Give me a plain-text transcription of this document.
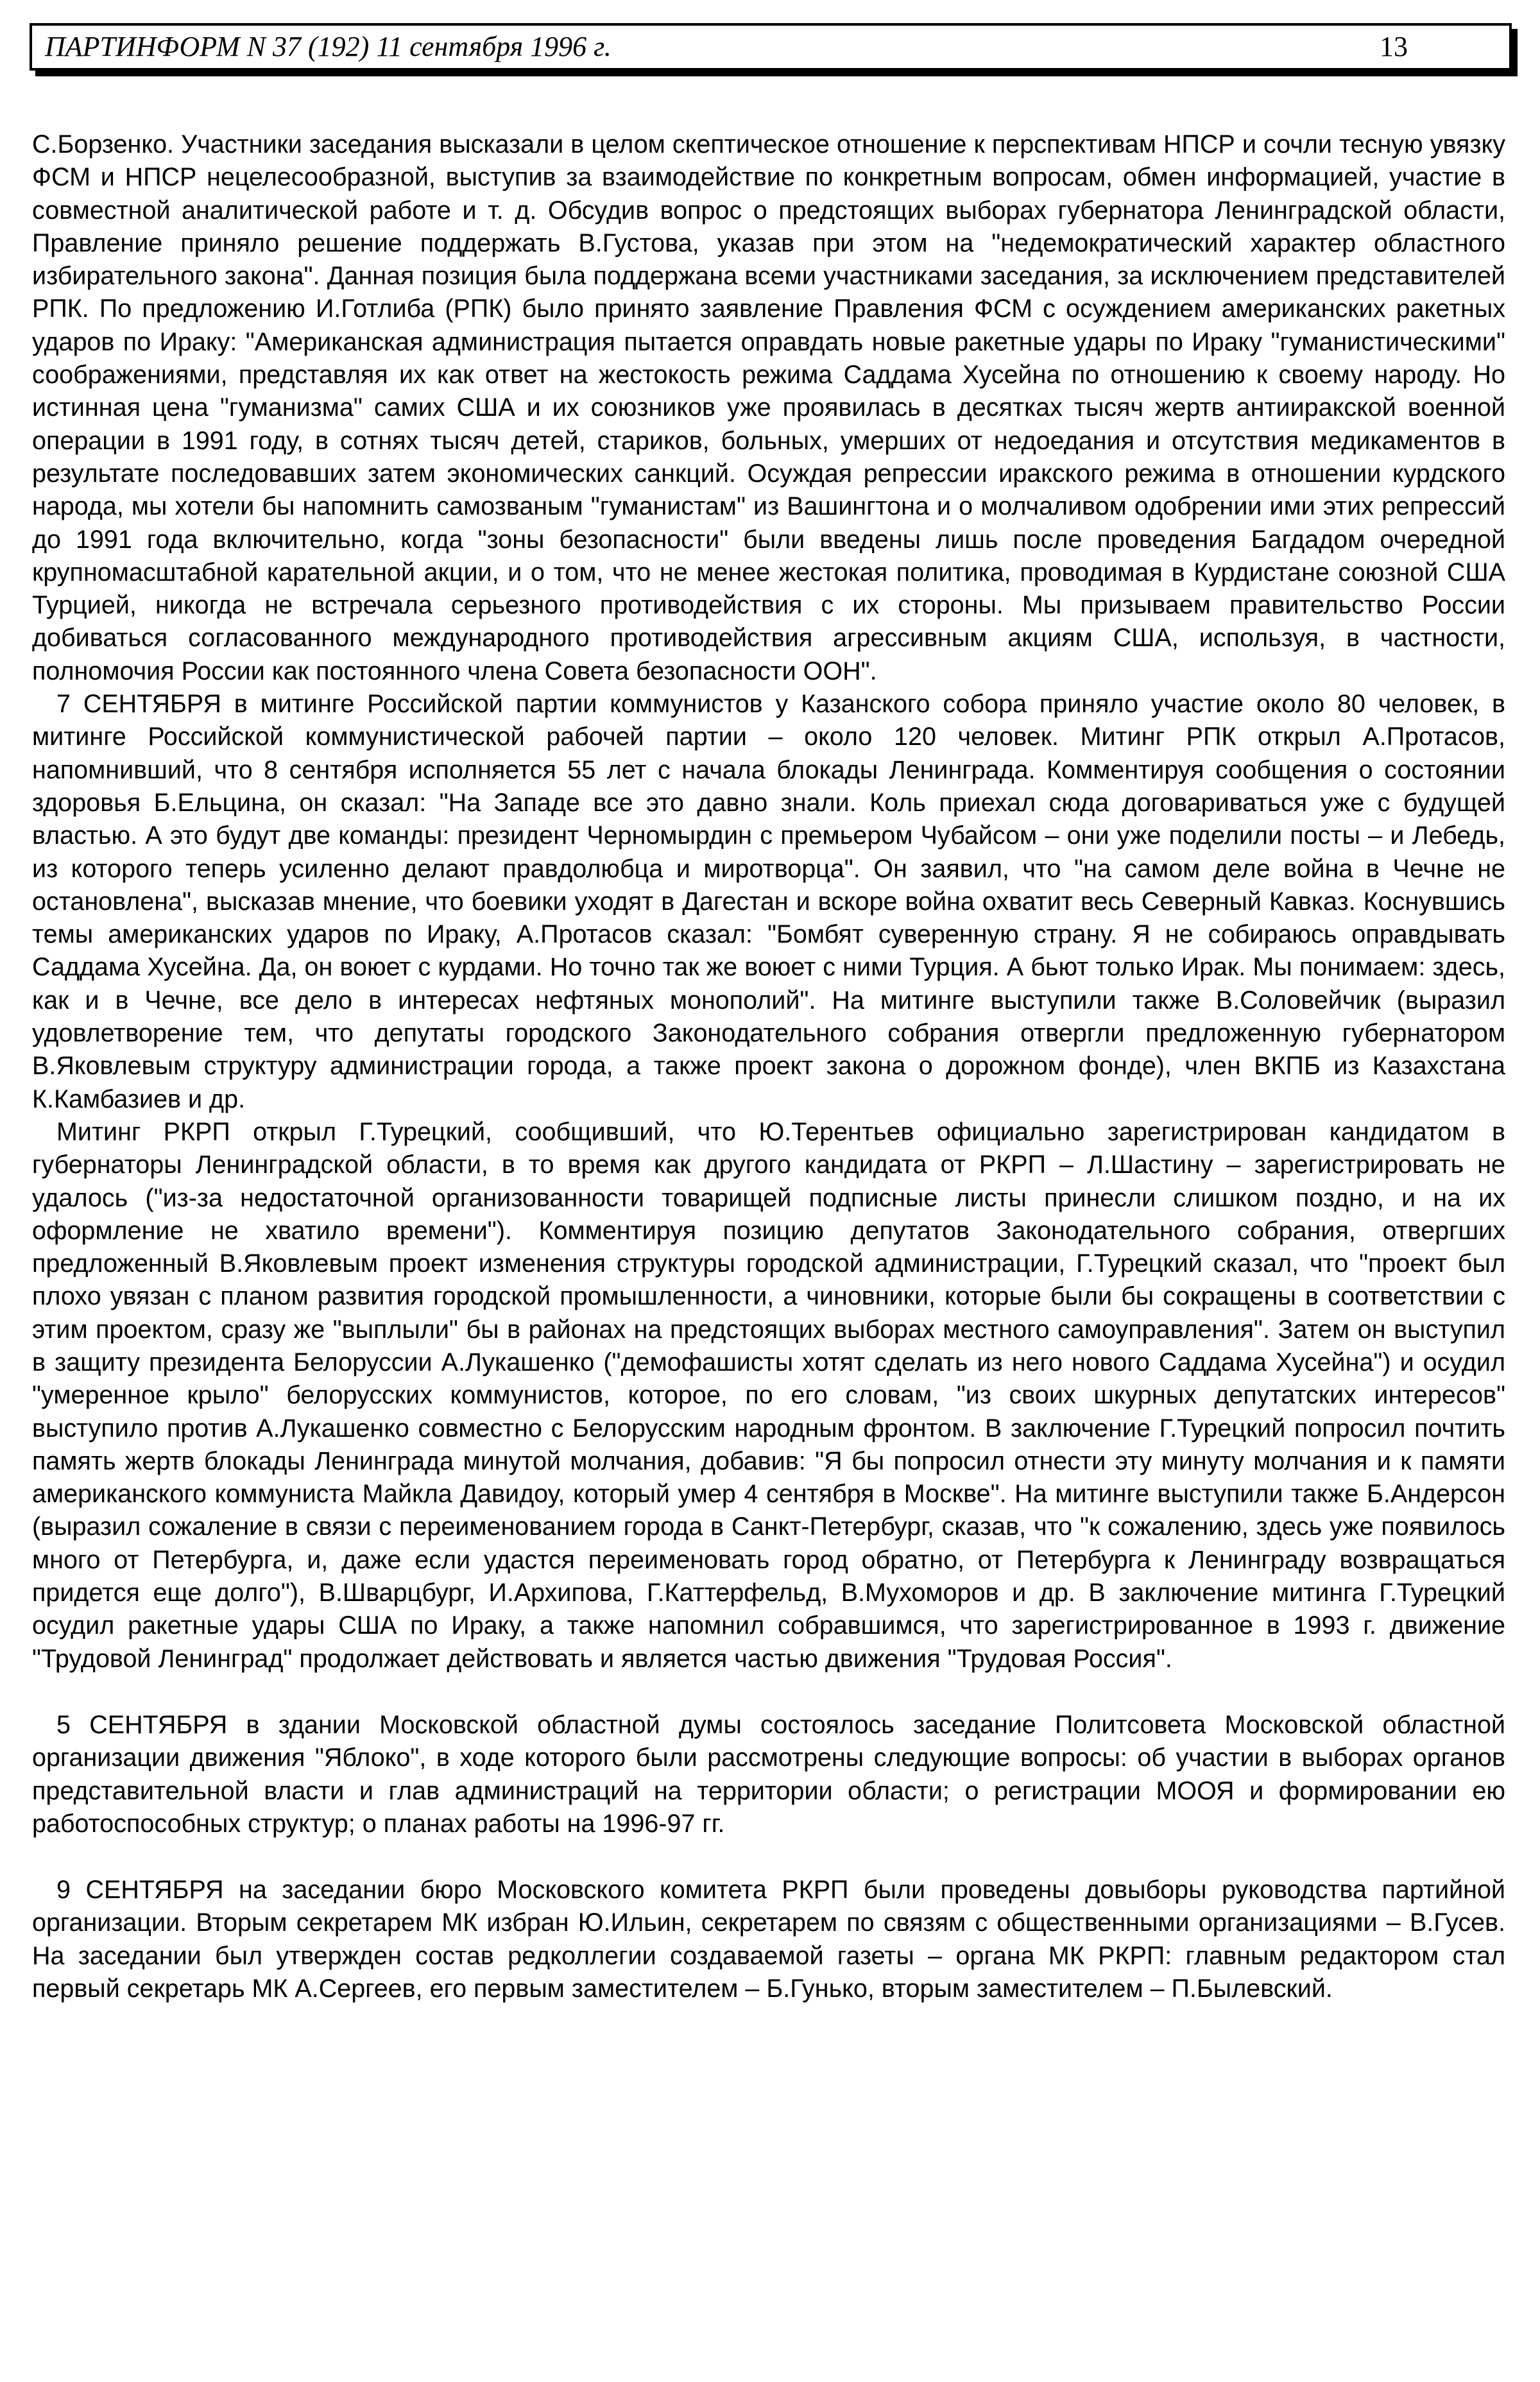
ПАРТИНФОРМ N 37 (192) 11 сентября 1996 г.	13

С.Борзенко. Участники заседания высказали в целом скептическое отношение к перспективам НПСР и сочли тесную увязку ФСМ и НПСР нецелесообразной, выступив за взаимодействие по конкретным вопросам, обмен информацией, участие в совместной аналитической работе и т. д. Обсудив вопрос о предстоящих выборах губернатора Ленинградской области, Правление приняло решение поддержать В.Густова, указав при этом на "недемократический характер областного избирательного закона". Данная позиция была поддержана всеми участниками заседания, за исключением представителей РПК. По предложению И.Готлиба (РПК) было принято заявление Правления ФСМ с осуждением американских ракетных ударов по Ираку: "Американская администрация пытается оправдать новые ракетные удары по Ираку "гуманистическими" соображениями, представляя их как ответ на жестокость режима Саддама Хусейна по отношению к своему народу. Но истинная цена "гуманизма" самих США и их союзников уже проявилась в десятках тысяч жертв антииракской военной операции в 1991 году, в сотнях тысяч детей, стариков, больных, умерших от недоедания и отсутствия медикаментов в результате последовавших затем экономических санкций. Осуждая репрессии иракского режима в отношении курдского народа, мы хотели бы напомнить самозваным "гуманистам" из Вашингтона и о молчаливом одобрении ими этих репрессий до 1991 года включительно, когда "зоны безопасности" были введены лишь после проведения Багдадом очередной крупномасштабной карательной акции, и о том, что не менее жестокая политика, проводимая в Курдистане союзной США Турцией, никогда не встречала серьезного противодействия с их стороны. Мы призываем правительство России добиваться согласованного международного противодействия агрессивным акциям США, используя, в частности, полномочия России как постоянного члена Совета безопасности ООН".

7 СЕНТЯБРЯ в митинге Российской партии коммунистов у Казанского собора приняло участие около 80 человек, в митинге Российской коммунистической рабочей партии – около 120 человек. Митинг РПК открыл А.Протасов, напомнивший, что 8 сентября исполняется 55 лет с начала блокады Ленинграда. Комментируя сообщения о состоянии здоровья Б.Ельцина, он сказал: "На Западе все это давно знали. Коль приехал сюда договариваться уже с будущей властью. А это будут две команды: президент Черномырдин с премьером Чубайсом – они уже поделили посты – и Лебедь, из которого теперь усиленно делают правдолюбца и миротворца". Он заявил, что "на самом деле война в Чечне не остановлена", высказав мнение, что боевики уходят в Дагестан и вскоре война охватит весь Северный Кавказ. Коснувшись темы американских ударов по Ираку, А.Протасов сказал: "Бомбят суверенную страну. Я не собираюсь оправдывать Саддама Хусейна. Да, он воюет с курдами. Но точно так же воюет с ними Турция. А бьют только Ирак. Мы понимаем: здесь, как и в Чечне, все дело в интересах нефтяных монополий". На митинге выступили также В.Соловейчик (выразил удовлетворение тем, что депутаты городского Законодательного собрания отвергли предложенную губернатором В.Яковлевым структуру администрации города, а также проект закона о дорожном фонде), член ВКПБ из Казахстана К.Камбазиев и др.

Митинг РКРП открыл Г.Турецкий, сообщивший, что Ю.Терентьев официально зарегистрирован кандидатом в губернаторы Ленинградской области, в то время как другого кандидата от РКРП – Л.Шастину – зарегистрировать не удалось ("из-за недостаточной организованности товарищей подписные листы принесли слишком поздно, и на их оформление не хватило времени"). Комментируя позицию депутатов Законодательного собрания, отвергших предложенный В.Яковлевым проект изменения структуры городской администрации, Г.Турецкий сказал, что "проект был плохо увязан с планом развития городской промышленности, а чиновники, которые были бы сокращены в соответствии с этим проектом, сразу же "выплыли" бы в районах на предстоящих выборах местного самоуправления". Затем он выступил в защиту президента Белоруссии А.Лукашенко ("демофашисты хотят сделать из него нового Саддама Хусейна") и осудил "умеренное крыло" белорусских коммунистов, которое, по его словам, "из своих шкурных депутатских интересов" выступило против А.Лукашенко совместно с Белорусским народным фронтом. В заключение Г.Турецкий попросил почтить память жертв блокады Ленинграда минутой молчания, добавив: "Я бы попросил отнести эту минуту молчания и к памяти американского коммуниста Майкла Давидоу, который умер 4 сентября в Москве". На митинге выступили также Б.Андерсон (выразил сожаление в связи с переименованием города в Санкт-Петербург, сказав, что "к сожалению, здесь уже появилось много от Петербурга, и, даже если удастся переименовать город обратно, от Петербурга к Ленинграду возвращаться придется еще долго"), В.Шварцбург, И.Архипова, Г.Каттерфельд, В.Мухоморов и др. В заключение митинга Г.Турецкий осудил ракетные удары США по Ираку, а также напомнил собравшимся, что зарегистрированное в 1993 г. движение "Трудовой Ленинград" продолжает действовать и является частью движения "Трудовая Россия".

5 СЕНТЯБРЯ в здании Московской областной думы состоялось заседание Политсовета Московской областной организации движения "Яблоко", в ходе которого были рассмотрены следующие вопросы: об участии в выборах органов представительной власти и глав администраций на территории области; о регистрации МООЯ и формировании ею работоспособных структур; о планах работы на 1996-97 гг.

9 СЕНТЯБРЯ на заседании бюро Московского комитета РКРП были проведены довыборы руководства партийной организации. Вторым секретарем МК избран Ю.Ильин, секретарем по связям с общественными организациями – В.Гусев. На заседании был утвержден состав редколлегии создаваемой газеты – органа МК РКРП: главным редактором стал первый секретарь МК А.Сергеев, его первым заместителем – Б.Гунько, вторым заместителем – П.Былевский.
